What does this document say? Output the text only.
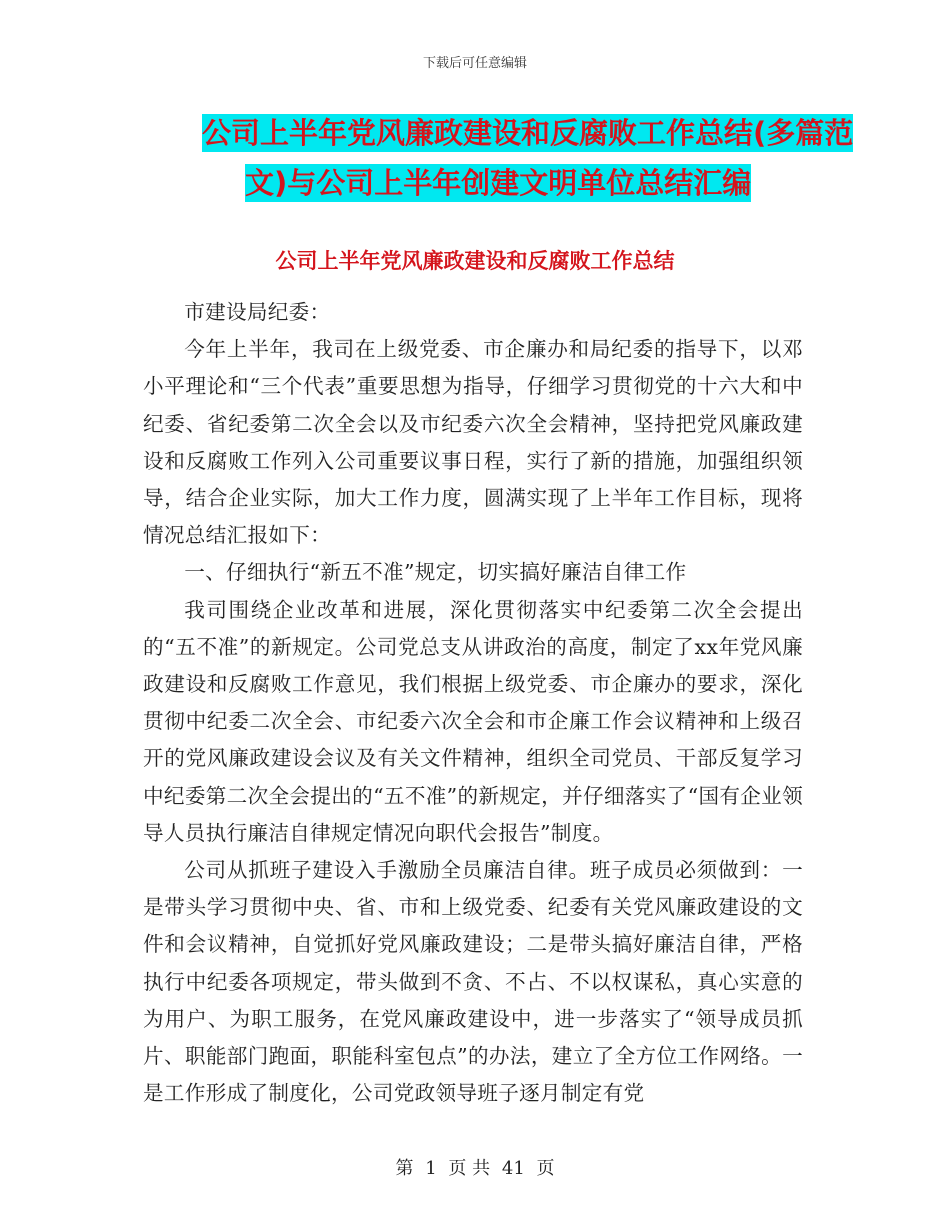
下载后可任意编辑
公司上半年党风廉政建设和反腐败工作总结(多篇范
文)与公司上半年创建文明单位总结汇编
公司上半年党风廉政建设和反腐败工作总结

市建设局纪委：

今年上半年，我司在上级党委、市企廉办和局纪委的指导下，以邓小平理论和“三个代表”重要思想为指导，仔细学习贯彻党的十六大和中纪委、省纪委第二次全会以及市纪委六次全会精神，坚持把党风廉政建设和反腐败工作列入公司重要议事日程，实行了新的措施，加强组织领导，结合企业实际，加大工作力度，圆满实现了上半年工作目标，现将情况总结汇报如下：

一、仔细执行“新五不准”规定，切实搞好廉洁自律工作

我司围绕企业改革和进展，深化贯彻落实中纪委第二次全会提出的“五不准”的新规定。公司党总支从讲政治的高度，制定了xx年党风廉政建设和反腐败工作意见，我们根据上级党委、市企廉办的要求，深化贯彻中纪委二次全会、市纪委六次全会和市企廉工作会议精神和上级召开的党风廉政建设会议及有关文件精神，组织全司党员、干部反复学习中纪委第二次全会提出的“五不准”的新规定，并仔细落实了“国有企业领导人员执行廉洁自律规定情况向职代会报告”制度。

公司从抓班子建设入手激励全员廉洁自律。班子成员必须做到：一是带头学习贯彻中央、省、市和上级党委、纪委有关党风廉政建设的文件和会议精神，自觉抓好党风廉政建设；二是带头搞好廉洁自律，严格执行中纪委各项规定，带头做到不贪、不占、不以权谋私，真心实意的为用户、为职工服务，在党风廉政建设中，进一步落实了“领导成员抓片、职能部门跑面，职能科室包点”的办法，建立了全方位工作网络。一是工作形成了制度化，公司党政领导班子逐月制定有党

第 1 页 共 41 页
